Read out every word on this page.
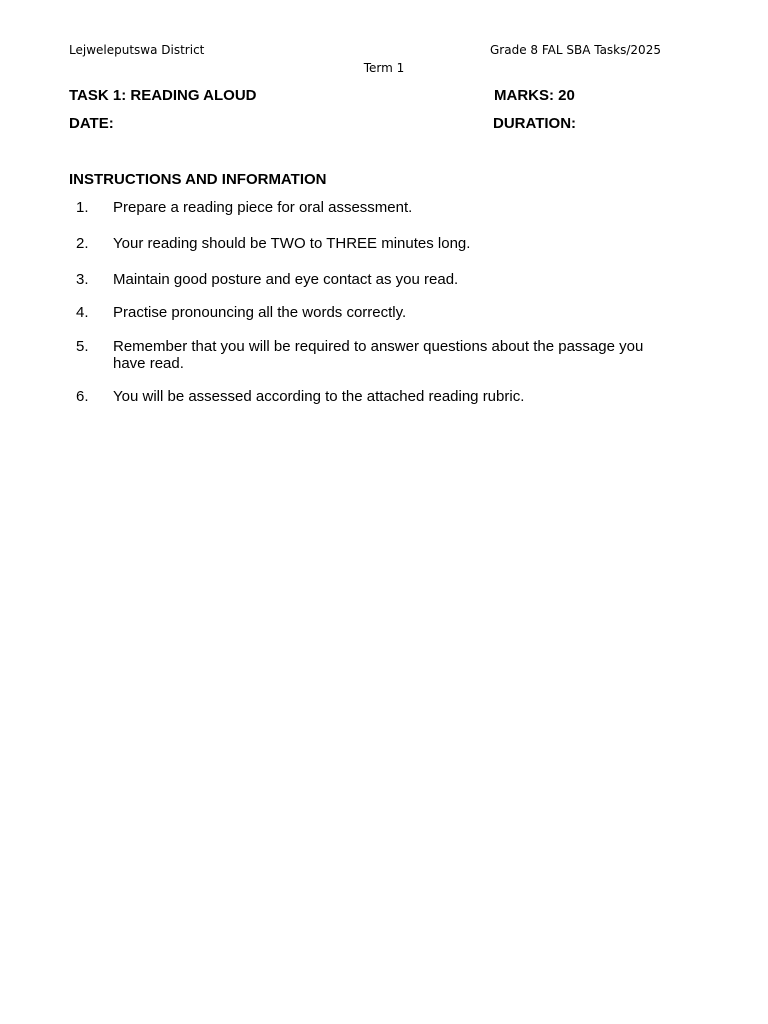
Lejweleputswa District	Grade 8 FAL SBA Tasks/2025
Term 1
TASK 1: READING ALOUD	MARKS: 20
DATE:	DURATION:
INSTRUCTIONS AND INFORMATION
1. Prepare a reading piece for oral assessment.
2. Your reading should be TWO to THREE minutes long.
3. Maintain good posture and eye contact as you read.
4. Practise pronouncing all the words correctly.
5. Remember that you will be required to answer questions about the passage you have read.
6. You will be assessed according to the attached reading rubric.
